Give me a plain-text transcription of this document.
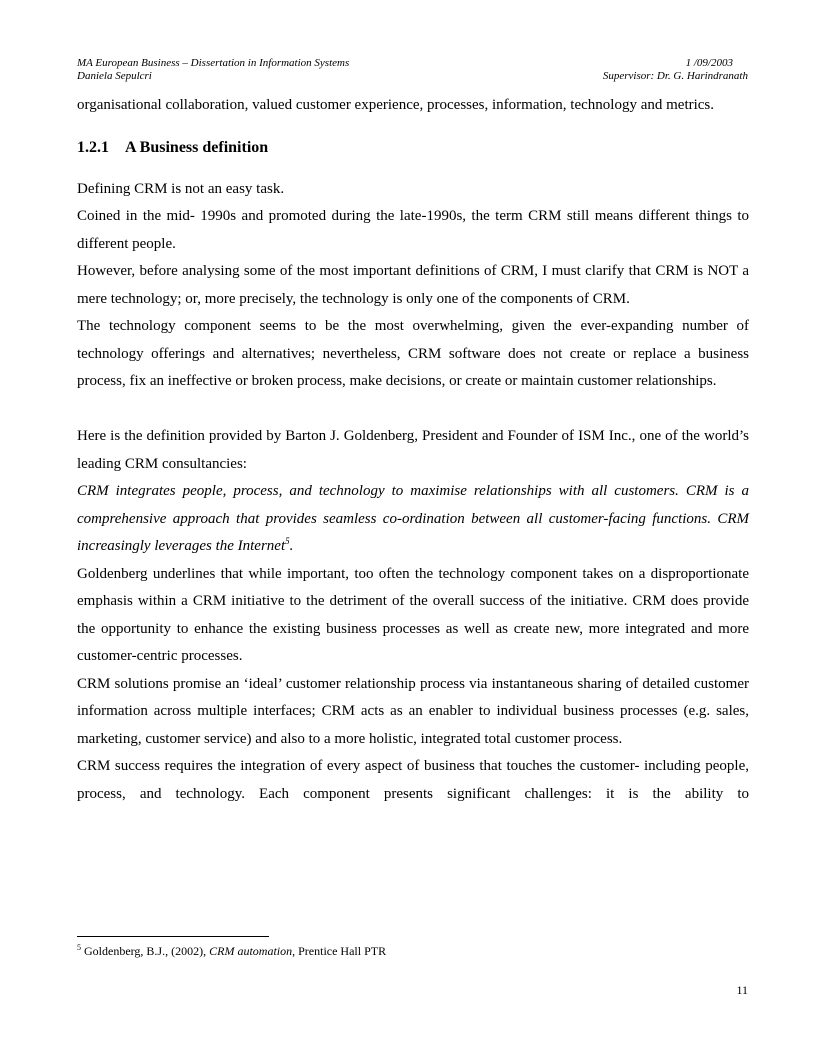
MA European Business – Dissertation in Information Systems	1 /09/2003
Daniela Sepulcri	Supervisor: Dr. G. Harindranath

organisational collaboration, valued customer experience, processes, information, technology and metrics.

1.2.1 A Business definition

Defining CRM is not an easy task.

Coined in the mid- 1990s and promoted during the late-1990s, the term CRM still means different things to different people.

However, before analysing some of the most important definitions of CRM, I must clarify that CRM is NOT a mere technology; or, more precisely, the technology is only one of the components of CRM.

The technology component seems to be the most overwhelming, given the ever-expanding number of technology offerings and alternatives; nevertheless, CRM software does not create or replace a business process, fix an ineffective or broken process, make decisions, or create or maintain customer relationships.

Here is the definition provided by Barton J. Goldenberg, President and Founder of ISM Inc., one of the world’s leading CRM consultancies:

CRM integrates people, process, and technology to maximise relationships with all customers. CRM is a comprehensive approach that provides seamless co-ordination between all customer-facing functions. CRM increasingly leverages the Internet$^5$.

Goldenberg underlines that while important, too often the technology component takes on a disproportionate emphasis within a CRM initiative to the detriment of the overall success of the initiative. CRM does provide the opportunity to enhance the existing business processes as well as create new, more integrated and more customer-centric processes.

CRM solutions promise an ‘ideal’ customer relationship process via instantaneous sharing of detailed customer information across multiple interfaces; CRM acts as an enabler to individual business processes (e.g. sales, marketing, customer service) and also to a more holistic, integrated total customer process.

CRM success requires the integration of every aspect of business that touches the customer- including people, process, and technology. Each component presents significant challenges: it is the ability to

$^5$ Goldenberg, B.J., (2002), CRM automation, Prentice Hall PTR
11
